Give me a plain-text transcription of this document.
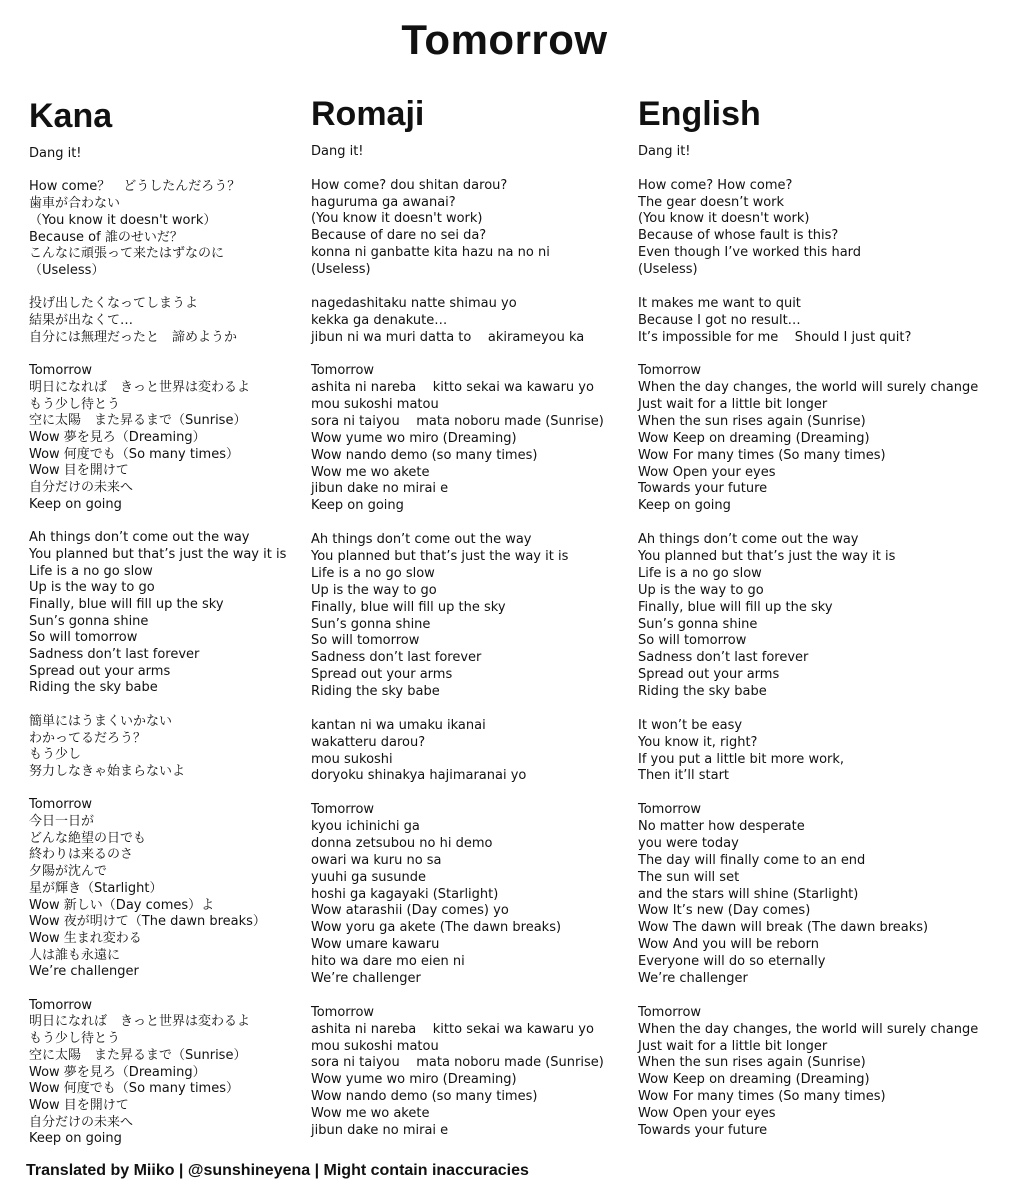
Tomorrow
Kana
Dang it!
How come？　どうしたんだろう？
歯車が合わない
（You know it doesn't work）
Because of 誰のせいだ？
こんなに頑張って来たはずなのに
（Useless）
投げ出したくなってしまうよ
結果が出なくて…
自分には無理だったと　諦めようか
Tomorrow
明日になれば　きっと世界は変わるよ
もう少し待とう
空に太陽　また昇るまで（Sunrise）
Wow 夢を見ろ（Dreaming）
Wow 何度でも（So many times）
Wow 目を開けて
自分だけの未来へ
Keep on going
Ah things don’t come out the way
You planned but that’s just the way it is
Life is a no go slow
Up is the way to go
Finally, blue will fill up the sky
Sun’s gonna shine
So will tomorrow
Sadness don’t last forever
Spread out your arms
Riding the sky babe
簡単にはうまくいかない
わかってるだろう？
もう少し
努力しなきゃ始まらないよ
Tomorrow
今日一日が
どんな絶望の日でも
終わりは来るのさ
夕陽が沈んで
星が輝き（Starlight）
Wow 新しい（Day comes）よ
Wow 夜が明けて（The dawn breaks）
Wow 生まれ変わる
人は誰も永遠に
We’re challenger
Tomorrow
明日になれば　きっと世界は変わるよ
もう少し待とう
空に太陽　また昇るまで（Sunrise）
Wow 夢を見ろ（Dreaming）
Wow 何度でも（So many times）
Wow 目を開けて
自分だけの未来へ
Keep on going
Romaji
Dang it!
How come? dou shitan darou?
haguruma ga awanai?
(You know it doesn't work)
Because of dare no sei da?
konna ni ganbatte kita hazu na no ni
(Useless)
nagedashitaku natte shimau yo
kekka ga denakute…
jibun ni wa muri datta to    akirameyou ka
Tomorrow
ashita ni nareba    kitto sekai wa kawaru yo
mou sukoshi matou
sora ni taiyou    mata noboru made (Sunrise)
Wow yume wo miro (Dreaming)
Wow nando demo (so many times)
Wow me wo akete
jibun dake no mirai e
Keep on going
Ah things don’t come out the way
You planned but that’s just the way it is
Life is a no go slow
Up is the way to go
Finally, blue will fill up the sky
Sun’s gonna shine
So will tomorrow
Sadness don’t last forever
Spread out your arms
Riding the sky babe
kantan ni wa umaku ikanai
wakatteru darou?
mou sukoshi
doryoku shinakya hajimaranai yo
Tomorrow
kyou ichinichi ga
donna zetsubou no hi demo
owari wa kuru no sa
yuuhi ga susunde
hoshi ga kagayaki (Starlight)
Wow atarashii (Day comes) yo
Wow yoru ga akete (The dawn breaks)
Wow umare kawaru
hito wa dare mo eien ni
We’re challenger
Tomorrow
ashita ni nareba    kitto sekai wa kawaru yo
mou sukoshi matou
sora ni taiyou    mata noboru made (Sunrise)
Wow yume wo miro (Dreaming)
Wow nando demo (so many times)
Wow me wo akete
jibun dake no mirai e
English
Dang it!
How come? How come?
The gear doesn’t work
(You know it doesn't work)
Because of whose fault is this?
Even though I’ve worked this hard
(Useless)
It makes me want to quit
Because I got no result…
It’s impossible for me    Should I just quit?
Tomorrow
When the day changes, the world will surely change
Just wait for a little bit longer
When the sun rises again (Sunrise)
Wow Keep on dreaming (Dreaming)
Wow For many times (So many times)
Wow Open your eyes
Towards your future
Keep on going
Ah things don’t come out the way
You planned but that’s just the way it is
Life is a no go slow
Up is the way to go
Finally, blue will fill up the sky
Sun’s gonna shine
So will tomorrow
Sadness don’t last forever
Spread out your arms
Riding the sky babe
It won’t be easy
You know it, right?
If you put a little bit more work,
Then it’ll start
Tomorrow
No matter how desperate
you were today
The day will finally come to an end
The sun will set
and the stars will shine (Starlight)
Wow It’s new (Day comes)
Wow The dawn will break (The dawn breaks)
Wow And you will be reborn
Everyone will do so eternally
We’re challenger
Tomorrow
When the day changes, the world will surely change
Just wait for a little bit longer
When the sun rises again (Sunrise)
Wow Keep on dreaming (Dreaming)
Wow For many times (So many times)
Wow Open your eyes
Towards your future
Translated by Miiko | @sunshineyena | Might contain inaccuracies
